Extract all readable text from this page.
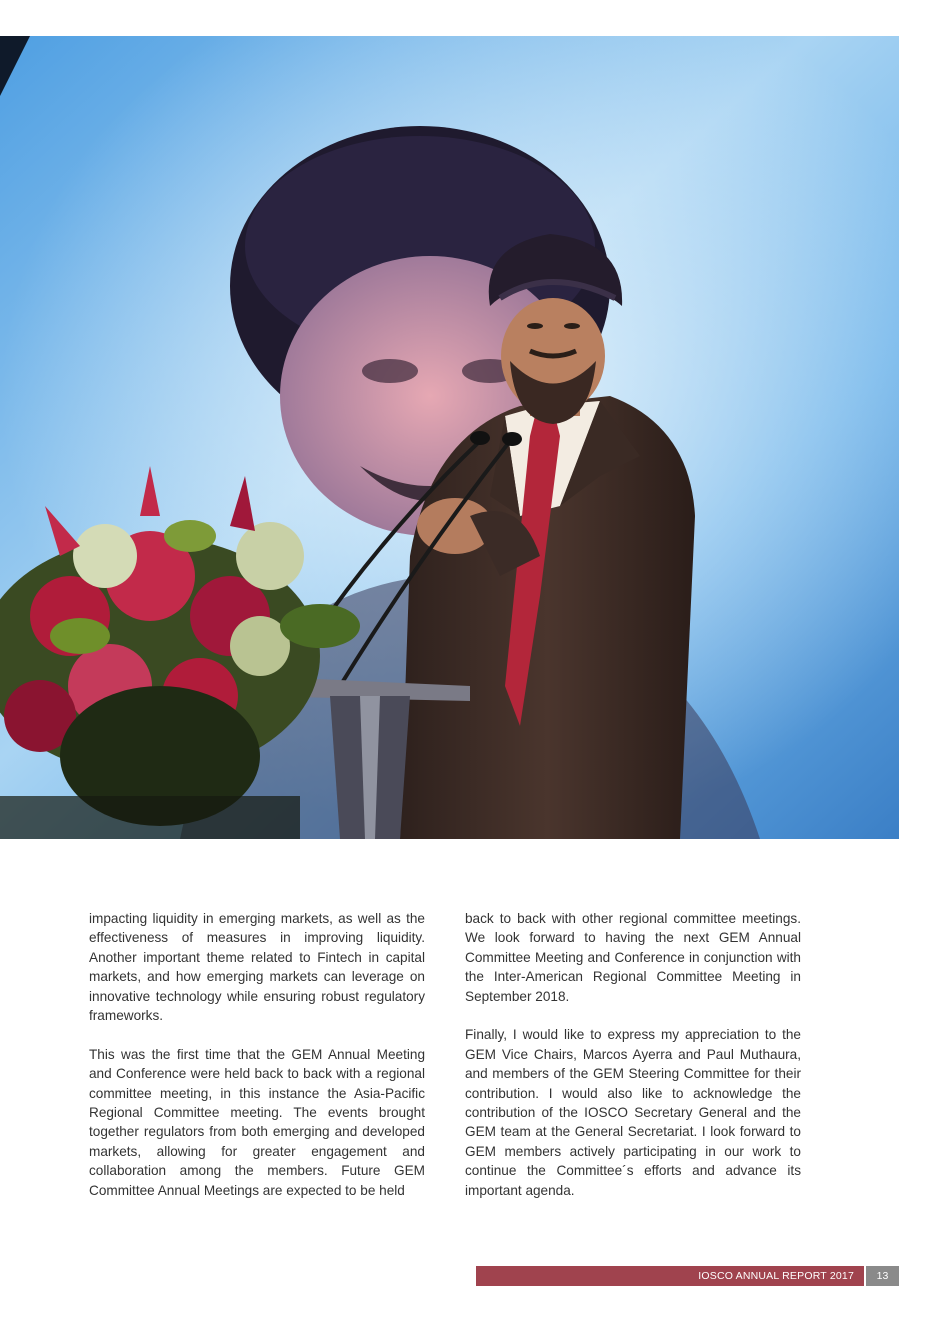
impacting liquidity in emerging markets, as well as the effectiveness of measures in improving liquidity. Another important theme related to Fintech in capital markets, and how emerging markets can leverage on innovative technology while ensuring robust regulatory frameworks.

This was the first time that the GEM Annual Meeting and Conference were held back to back with a regional committee meeting, in this instance the Asia-Pacific Regional Committee meeting. The events brought together regulators from both emerging and developed markets, allowing for greater engagement and collaboration among the members. Future GEM Committee Annual Meetings are expected to be held

back to back with other regional committee meetings. We look forward to having the next GEM Annual Committee Meeting and Conference in conjunction with the Inter-American Regional Committee Meeting in September 2018.

Finally, I would like to express my appreciation to the GEM Vice Chairs, Marcos Ayerra and Paul Muthaura, and members of the GEM Steering Committee for their contribution. I would also like to acknowledge the contribution of the IOSCO Secretary General and the GEM team at the General Secretariat. I look forward to GEM members actively participating in our work to continue the Committee´s efforts and advance its important agenda.

IOSCO ANNUAL REPORT 2017	13
